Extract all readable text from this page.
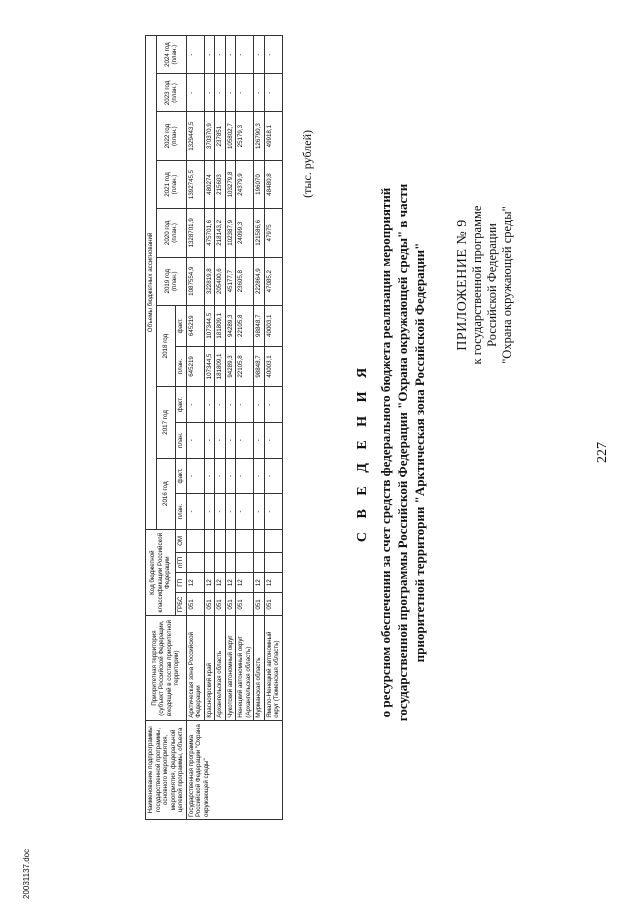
227
ПРИЛОЖЕНИЕ № 9 к государственной программе Российской Федерации "Охрана окружающей среды"
С В Е Д Е Н И Я о ресурсном обеспечении за счет средств федерального бюджета реализации мероприятий государственной программы Российской Федерации "Охрана окружающей среды" в части приоритетной территории "Арктическая зона Российской Федерации"
(тыс. рублей)
Наименование подпрограммы государственной программы, основного мероприятия, мероприятия, федеральной целевой программы, объекта	Приоритетная территория (субъект Российской Федерации, входящий в состав приоритетной территории)	Код бюджетной классификации Российской Федерации				Объемы бюджетных ассигнований											
						2016 год		2017 год		2018 год		2019 год (план.)	2020 год (план.)	2021 год (план.)	2022 год (план.)	2023 год (план.)	2024 год (план.)
		ГРБС	ГП	пГП	ОМ	план.	факт.	план.	факт.	план.	факт.						
Государственная программа Российской Федерации "Охрана окружающей среды"	Арктическая зона Российской Федерации	051	12			-	-	-	-	645219	645219	1087554,9	1328701,9	1392745,5	1329443,5	-	-
	Красноярский край	051	12			-	-	-	-	107344,5	107344,5	322819,8	475701,6	480274	370370,9	-	-
	Архангельская область	051	12			-	-	-	-	181809,1	181809,1	205400,6	218143,2	215603	237851	-	-
	Чукотский автономный округ	051	12			-	-	-	-	94289,3	94289,3	45177,7	102387,9	103279,8	105802,7	-	-
	Ненецкий автономный округ (Архангельская область)	051	12			-	-	-	-	22105,8	22105,8	23605,8	24099,3	24379,9	25179,3	-	-
	Мурманская область	051	12			-	-	-	-	98848,7	98848,7	222864,9	121586,6	196070	126790,3	-	-
	Ямало-Ненецкий автономный округ (Тюменская область)	051	12			-	-	-	-	40003,1	40003,1	47085,2	47975	48480,8	49918,1	-	-
20031137.doc
